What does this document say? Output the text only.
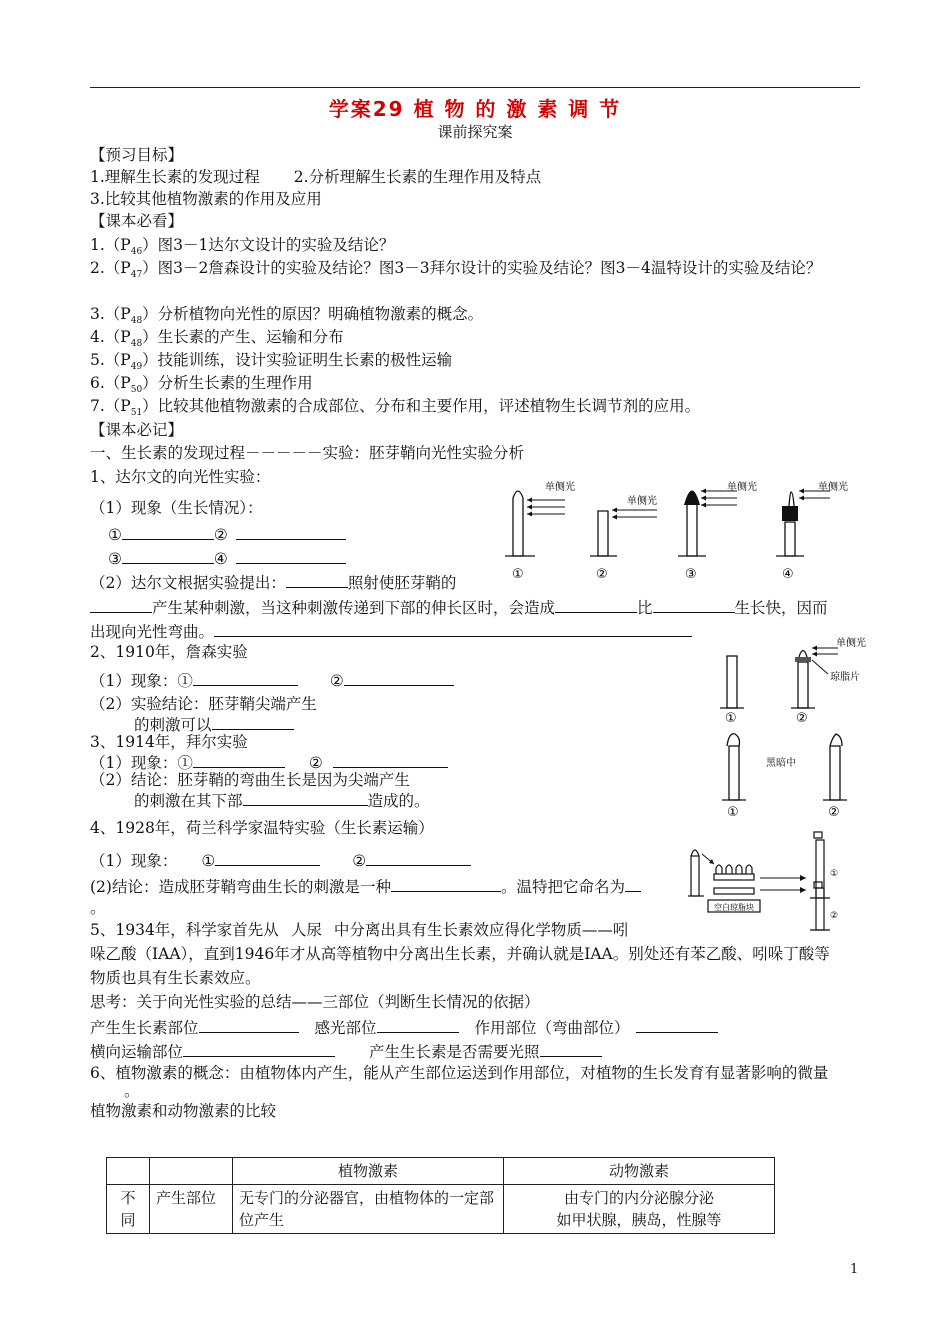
学案29 植 物 的 激 素 调 节
课前探究案
【预习目标】
1.理解生长素的发现过程 2.分析理解生长素的生理作用及特点
3.比较其他植物激素的作用及应用
【课本必看】
$1.(P_{46})$图3－1达尔文设计的实验及结论？
$2.(P_{47})$图3－2詹森设计的实验及结论？图3－3拜尔设计的实验及结论？图3－4温特设计的实验及结论？
$3.(P_{48})$分析植物向光性的原因？明确植物激素的概念。
$4.(P_{48})$生长素的产生、运输和分布
$5.(P_{49})$技能训练，设计实验证明生长素的极性运输
$6.(P_{50})$分析生长素的生理作用
$7.(P_{51})$比较其他植物激素的合成部位、分布和主要作用，评述植物生长调节剂的应用。
【课本必记】
一、生长素的发现过程－－－－－实验：胚芽鞘向光性实验分析
1、达尔文的向光性实验：
（1）现象（生长情况）：
①	②
③	④
（2）达尔文根据实验提出：	照射使胚芽鞘的
产生某种刺激，当这种刺激传递到下部的伸长区时，会造成	比	生长快，因而
出现向光性弯曲。
2、1910年，詹森实验
（1）现象：①	②
（2）实验结论：胚芽鞘尖端产生
的刺激可以
3、1914年，拜尔实验
（1）现象：①	②
（2）结论：胚芽鞘的弯曲生长是因为尖端产生
的刺激在其下部	造成的。
4、1928年，荷兰科学家温特实验（生长素运输）
（1）现象： ①	②
(2)结论：造成胚芽鞘弯曲生长的刺激是一种	。温特把它命名为
。
5、1934年，科学家首先从 人尿 中分离出具有生长素效应得化学物质——吲
哚乙酸（IAA），直到1946年才从高等植物中分离出生长素，并确认就是IAA。别处还有苯乙酸、吲哚丁酸等
物质也具有生长素效应。
思考：关于向光性实验的总结——三部位（判断生长情况的依据）
产生生长素部位	感光部位	作用部位（弯曲部位）
横向运输部位	产生生长素是否需要光照
6、植物激素的概念：由植物体内产生，能从产生部位运送到作用部位，对植物的生长发育有显著影响的微量
。
植物激素和动物激素的比较
单侧光
单侧光
单侧光	单侧光
①	②	③	④
单侧光
琼脂片
①	②
黑暗中
①	②
空白琼脂块
①
②
		植物激素	动物激素
不同	产生部位	无专门的分泌器官，由植物体的一定部位产生	由专门的内分泌腺分泌
如甲状腺，胰岛，性腺等
1
